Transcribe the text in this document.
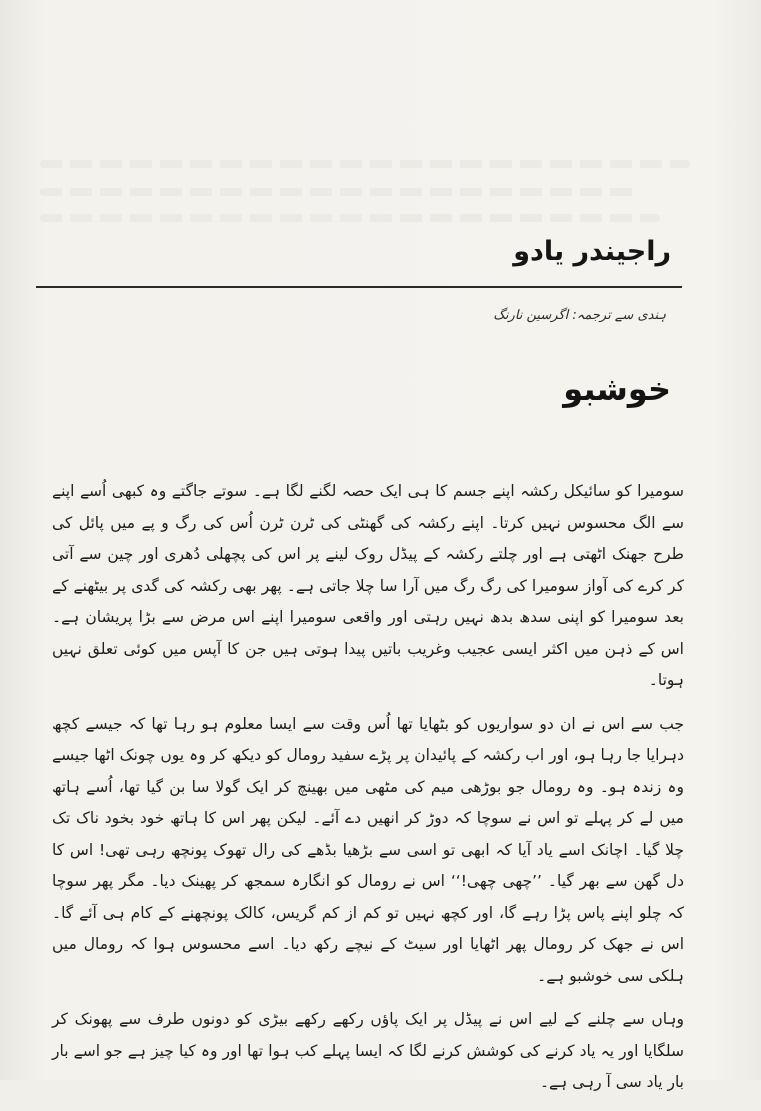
راجیندر یادو
ہندی سے ترجمہ: اگرسین نارنگ
خوشبو

سومیرا کو سائیکل رکشہ اپنے جسم کا ہی ایک حصہ لگنے لگا ہے۔ سوتے جاگتے وہ کبھی اُسے اپنے سے الگ محسوس نہیں کرتا۔ اپنے رکشہ کی گھنٹی کی ٹرن ٹرن اُس کی رگ و پے میں پائل کی طرح جھنک اٹھتی ہے اور چلتے رکشہ کے پیڈل روک لینے پر اس کی پچھلی دُھری اور چین سے آتی کر کرے کی آواز سومیرا کی رگ رگ میں آرا سا چلا جاتی ہے۔ پھر بھی رکشہ کی گدی پر بیٹھنے کے بعد سومیرا کو اپنی سدھ بدھ نہیں رہتی اور واقعی سومیرا اپنے اس مرض سے بڑا پریشان ہے۔ اس کے ذہن میں اکثر ایسی عجیب وغریب باتیں پیدا ہوتی ہیں جن کا آپس میں کوئی تعلق نہیں ہوتا۔

جب سے اس نے ان دو سواریوں کو بٹھایا تھا اُس وقت سے ایسا معلوم ہو رہا تھا کہ جیسے کچھ دہرایا جا رہا ہو، اور اب رکشہ کے پائیدان پر پڑے سفید رومال کو دیکھ کر وہ یوں چونک اٹھا جیسے وہ زندہ ہو۔ وہ رومال جو بوڑھی میم کی مٹھی میں بھینچ کر ایک گولا سا بن گیا تھا، اُسے ہاتھ میں لے کر پہلے تو اس نے سوچا کہ دوڑ کر انھیں دے آئے۔ لیکن پھر اس کا ہاتھ خود بخود ناک تک چلا گیا۔ اچانک اسے یاد آیا کہ ابھی تو اسی سے بڑھیا بڈھے کی رال تھوک پونچھ رہی تھی! اس کا دل گھن سے بھر گیا۔ ’’چھی چھی!‘‘ اس نے رومال کو انگارہ سمجھ کر پھینک دیا۔ مگر پھر سوچا کہ چلو اپنے پاس پڑا رہے گا، اور کچھ نہیں تو کم از کم گریس، کالک پونچھنے کے کام ہی آئے گا۔ اس نے جھک کر رومال پھر اٹھایا اور سیٹ کے نیچے رکھ دیا۔ اسے محسوس ہوا کہ رومال میں ہلکی سی خوشبو ہے۔

وہاں سے چلنے کے لیے اس نے پیڈل پر ایک پاؤں رکھے رکھے بیڑی کو دونوں طرف سے پھونک کر سلگایا اور یہ یاد کرنے کی کوشش کرنے لگا کہ ایسا پہلے کب ہوا تھا اور وہ کیا چیز ہے جو اسے بار بار یاد سی آ رہی ہے۔
